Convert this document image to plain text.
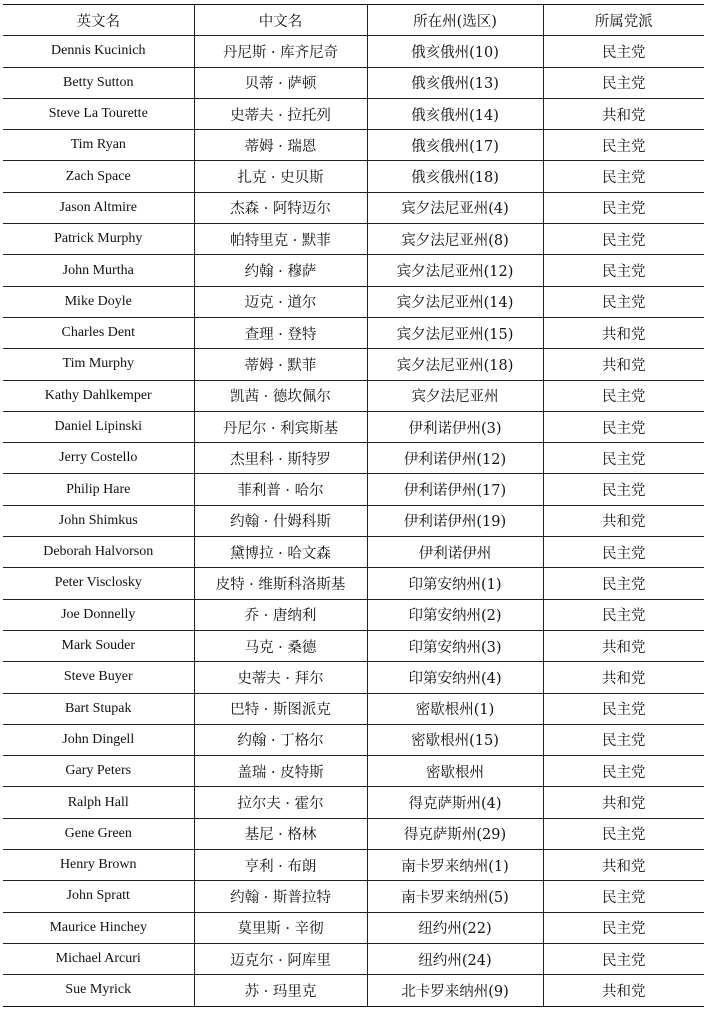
英文名	中文名	所在州(选区)	所属党派
Dennis Kucinich	丹尼斯 · 库齐尼奇	俄亥俄州(10)	民主党
Betty Sutton	贝蒂 · 萨顿	俄亥俄州(13)	民主党
Steve La Tourette	史蒂夫 · 拉托列	俄亥俄州(14)	共和党
Tim Ryan	蒂姆 · 瑞恩	俄亥俄州(17)	民主党
Zach Space	扎克 · 史贝斯	俄亥俄州(18)	民主党
Jason Altmire	杰森 · 阿特迈尔	宾夕法尼亚州(4)	民主党
Patrick Murphy	帕特里克 · 默菲	宾夕法尼亚州(8)	民主党
John Murtha	约翰 · 穆萨	宾夕法尼亚州(12)	民主党
Mike Doyle	迈克 · 道尔	宾夕法尼亚州(14)	民主党
Charles Dent	查理 · 登特	宾夕法尼亚州(15)	共和党
Tim Murphy	蒂姆 · 默菲	宾夕法尼亚州(18)	共和党
Kathy Dahlkemper	凯茜 · 德坎佩尔	宾夕法尼亚州	民主党
Daniel Lipinski	丹尼尔 · 利宾斯基	伊利诺伊州(3)	民主党
Jerry Costello	杰里科 · 斯特罗	伊利诺伊州(12)	民主党
Philip Hare	菲利普 · 哈尔	伊利诺伊州(17)	民主党
John Shimkus	约翰 · 什姆科斯	伊利诺伊州(19)	共和党
Deborah Halvorson	黛博拉 · 哈文森	伊利诺伊州	民主党
Peter Visclosky	皮特 · 维斯科洛斯基	印第安纳州(1)	民主党
Joe Donnelly	乔 · 唐纳利	印第安纳州(2)	民主党
Mark Souder	马克 · 桑德	印第安纳州(3)	共和党
Steve Buyer	史蒂夫 · 拜尔	印第安纳州(4)	共和党
Bart Stupak	巴特 · 斯图派克	密歇根州(1)	民主党
John Dingell	约翰 · 丁格尔	密歇根州(15)	民主党
Gary Peters	盖瑞 · 皮特斯	密歇根州	民主党
Ralph Hall	拉尔夫 · 霍尔	得克萨斯州(4)	共和党
Gene Green	基尼 · 格林	得克萨斯州(29)	民主党
Henry Brown	亨利 · 布朗	南卡罗来纳州(1)	共和党
John Spratt	约翰 · 斯普拉特	南卡罗来纳州(5)	民主党
Maurice Hinchey	莫里斯 · 辛彻	纽约州(22)	民主党
Michael Arcuri	迈克尔 · 阿库里	纽约州(24)	民主党
Sue Myrick	苏 · 玛里克	北卡罗来纳州(9)	共和党
